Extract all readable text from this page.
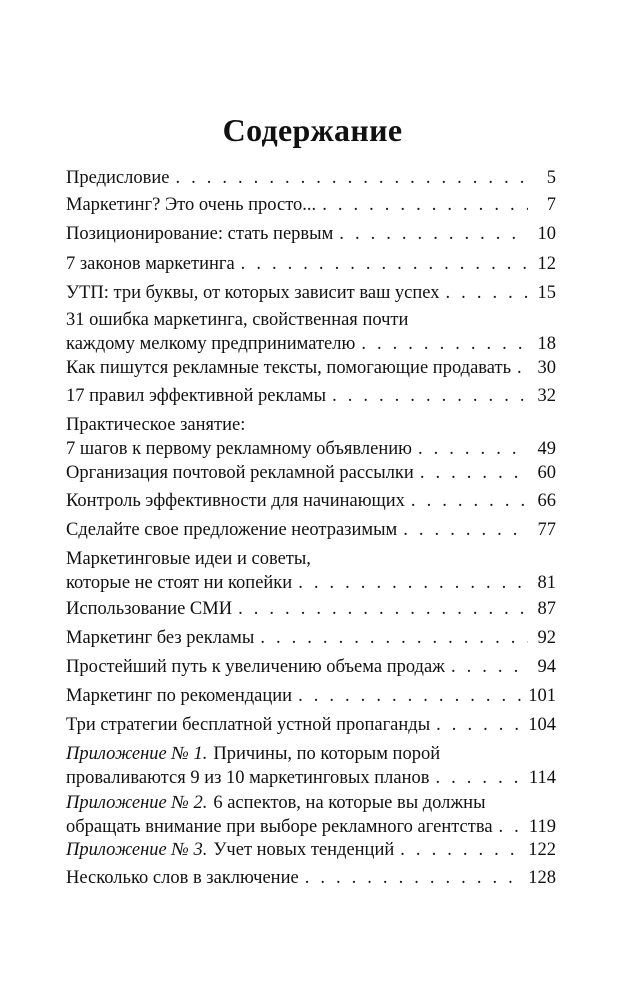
Содержание
Предисловие . . .	5
Маркетинг? Это очень просто... . . .	7
Позиционирование: стать первым . . .	10
7 законов маркетинга . . .	12
УТП: три буквы, от которых зависит ваш успех . . .	15
31 ошибка маркетинга, свойственная почти
каждому мелкому предпринимателю . . .	18
Как пишутся рекламные тексты, помогающие продавать . . . 30
17 правил эффективной рекламы . . .	32
Практическое занятие:
7 шагов к первому рекламному объявлению . . .	49
Организация почтовой рекламной рассылки . . .	60
Контроль эффективности для начинающих . . .	66
Сделайте свое предложение неотразимым . . .	77
Маркетинговые идеи и советы,
которые не стоят ни копейки . . .	81
Использование СМИ . . .	87
Маркетинг без рекламы . . .	92
Простейший путь к увеличению объема продаж . . .	94
Маркетинг по рекомендации . . .	101
Три стратегии бесплатной устной пропаганды . . .	104
Приложение № 1. Причины, по которым порой
проваливаются 9 из 10 маркетинговых планов . . .	114
Приложение № 2. 6 аспектов, на которые вы должны
обращать внимание при выборе рекламного агентства . . . 119
Приложение № 3. Учет новых тенденций . . .	122
Несколько слов в заключение . . .	128
